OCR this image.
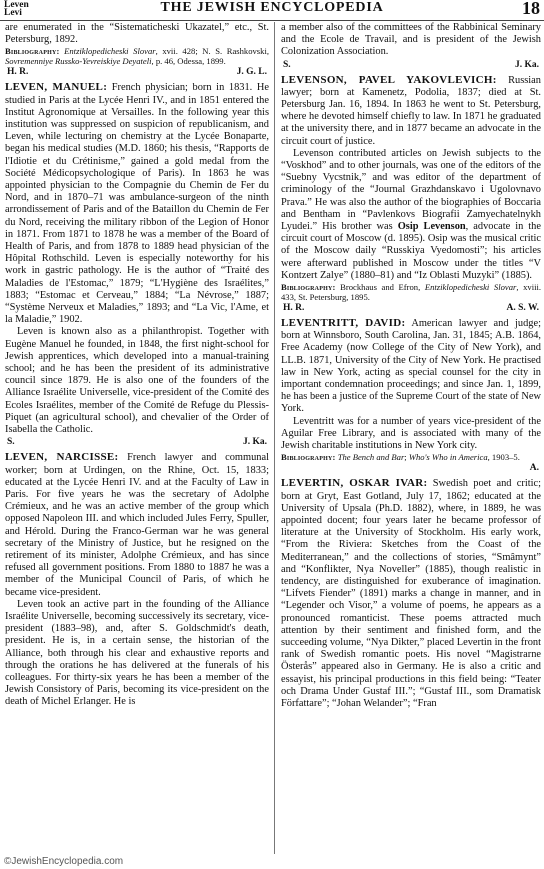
Leven
Levi	THE JEWISH ENCYCLOPEDIA	18

are enumerated in the “Sistematicheski Ukazatel,” etc., St. Petersburg, 1892.

Bibliography: Entziklopedicheski Slovar, xvii. 428; N. S. Rashkovski, Sovremenniye Russko-Yevreiskiye Deyateli, p. 46, Odessa, 1899.

H. R.	J. G. L.

LEVEN, MANUEL: French physician; born in 1831. He studied in Paris at the Lycée Henri IV., and in 1851 entered the Institut Agronomique at Versailles. In the following year this institution was suppressed on suspicion of republicanism, and Leven, while lecturing on chemistry at the Lycée Bonaparte, began his medical studies (M.D. 1860; his thesis, “Rapports de l'Idiotie et du Crétinisme,” gained a gold medal from the Société Médicopsychologique of Paris). In 1863 he was appointed physician to the Compagnie du Chemin de Fer du Nord, and in 1870–71 was ambulance-surgeon of the ninth arrondissement of Paris and of the Bataillon du Chemin de Fer du Nord, receiving the military ribbon of the Legion of Honor in 1871. From 1871 to 1878 he was a member of the Board of Health of Paris, and from 1878 to 1889 head physician of the Hôpital Rothschild. Leven is especially noteworthy for his work in gastric pathology. He is the author of “Traité des Maladies de l'Estomac,” 1879; “L'Hygiène des Israélites,” 1883; “Estomac et Cerveau,” 1884; “La Névrose,” 1887; “Système Nerveux et Maladies,” 1893; and “La Vic, l'Ame, et la Maladie,” 1902.

Leven is known also as a philanthropist. Together with Eugène Manuel he founded, in 1848, the first night-school for Jewish apprentices, which developed into a manual-training school; and he has been the president of its administrative council since 1879. He is also one of the founders of the Alliance Israélite Universelle, vice-president of the Comité des Ecoles Israélites, member of the Comité de Refuge du Plessis-Piquet (an agricultural school), and chevalier of the Order of Isabella the Catholic.

S.	J. Ka.

LEVEN, NARCISSE: French lawyer and communal worker; born at Urdingen, on the Rhine, Oct. 15, 1833; educated at the Lycée Henri IV. and at the Faculty of Law in Paris. For five years he was the secretary of Adolphe Crémieux, and he was an active member of the group which opposed Napoleon III. and which included Jules Ferry, Spuller, and Hérold. During the Franco-German war he was general secretary of the Ministry of Justice, but he resigned on the retirement of its minister, Adolphe Crémieux, and has since refused all government positions. From 1880 to 1887 he was a member of the Municipal Council of Paris, of which he became vice-president.

Leven took an active part in the founding of the Alliance Israélite Universelle, becoming successively its secretary, vice-president (1883–98), and, after S. Goldschmidt's death, president. He is, in a certain sense, the historian of the Alliance, both through his clear and exhaustive reports and through the orations he has delivered at the funerals of his colleagues. For thirty-six years he has been a member of the Jewish Consistory of Paris, becoming its vice-president on the death of Michel Erlanger. He is

a member also of the committees of the Rabbinical Seminary and the Ecole de Travail, and is president of the Jewish Colonization Association.

S.	J. Ka.

LEVENSON, PAVEL YAKOVLEVICH: Russian lawyer; born at Kamenetz, Podolia, 1837; died at St. Petersburg Jan. 16, 1894. In 1863 he went to St. Petersburg, where he devoted himself chiefly to law. In 1871 he graduated at the university there, and in 1877 became an advocate in the circuit court of justice.

Levenson contributed articles on Jewish subjects to the “Voskhod” and to other journals, was one of the editors of the “Suebny Vycstnik,” and was editor of the department of criminology of the “Journal Grazhdanskavo i Ugolovnavo Prava.” He was also the author of the biographies of Boccaria and Bentham in “Pavlenkovs Biografii Zamyechatelnykh Lyudei.” His brother was Osip Levenson, advocate in the circuit court of Moscow (d. 1895). Osip was the musical critic of the Moscow daily “Russkiya Vyedomosti”; his articles were afterward published in Moscow under the titles “V Kontzert Zalye” (1880–81) and “Iz Oblasti Muzyki” (1885).

Bibliography: Brockhaus and Efron, Entziklopedicheski Slovar, xviii. 433, St. Petersburg, 1895.

H. R.	A. S. W.

LEVENTRITT, DAVID: American lawyer and judge; born at Winnsboro, South Carolina, Jan. 31, 1845; A.B. 1864, Free Academy (now College of the City of New York), and LL.B. 1871, University of the City of New York. He practised law in New York, acting as special counsel for the city in important condemnation proceedings; and since Jan. 1, 1899, he has been a justice of the Supreme Court of the state of New York.

Leventritt was for a number of years vice-president of the Aguilar Free Library, and is associated with many of the Jewish charitable institutions in New York city.

Bibliography: The Bench and Bar; Who's Who in America, 1903–5.

A.

LEVERTIN, OSKAR IVAR: Swedish poet and critic; born at Gryt, East Gotland, July 17, 1862; educated at the University of Upsala (Ph.D. 1882), where, in 1889, he was appointed docent; four years later he became professor of literature at the University of Stockholm. His early work, “From the Riviera: Sketches from the Coast of the Mediterranean,” and the collections of stories, “Smâmynt” and “Konflikter, Nya Noveller” (1885), though realistic in tendency, are distinguished for exuberance of imagination. “Lifvets Fiender” (1891) marks a change in manner, and in “Legender och Visor,” a volume of poems, he appears as a pronounced romanticist. These poems attracted much attention by their sentiment and finished form, and the succeeding volume, “Nya Dikter,” placed Levertin in the front rank of Swedish romantic poets. His novel “Magistrarne Österås” appeared also in Germany. He is also a critic and essayist, his principal productions in this field being: “Teater och Drama Under Gustaf III.”; “Gustaf III., som Dramatisk Författare”; “Johan Welander”; “Fran

©JewishEncyclopedia.com
